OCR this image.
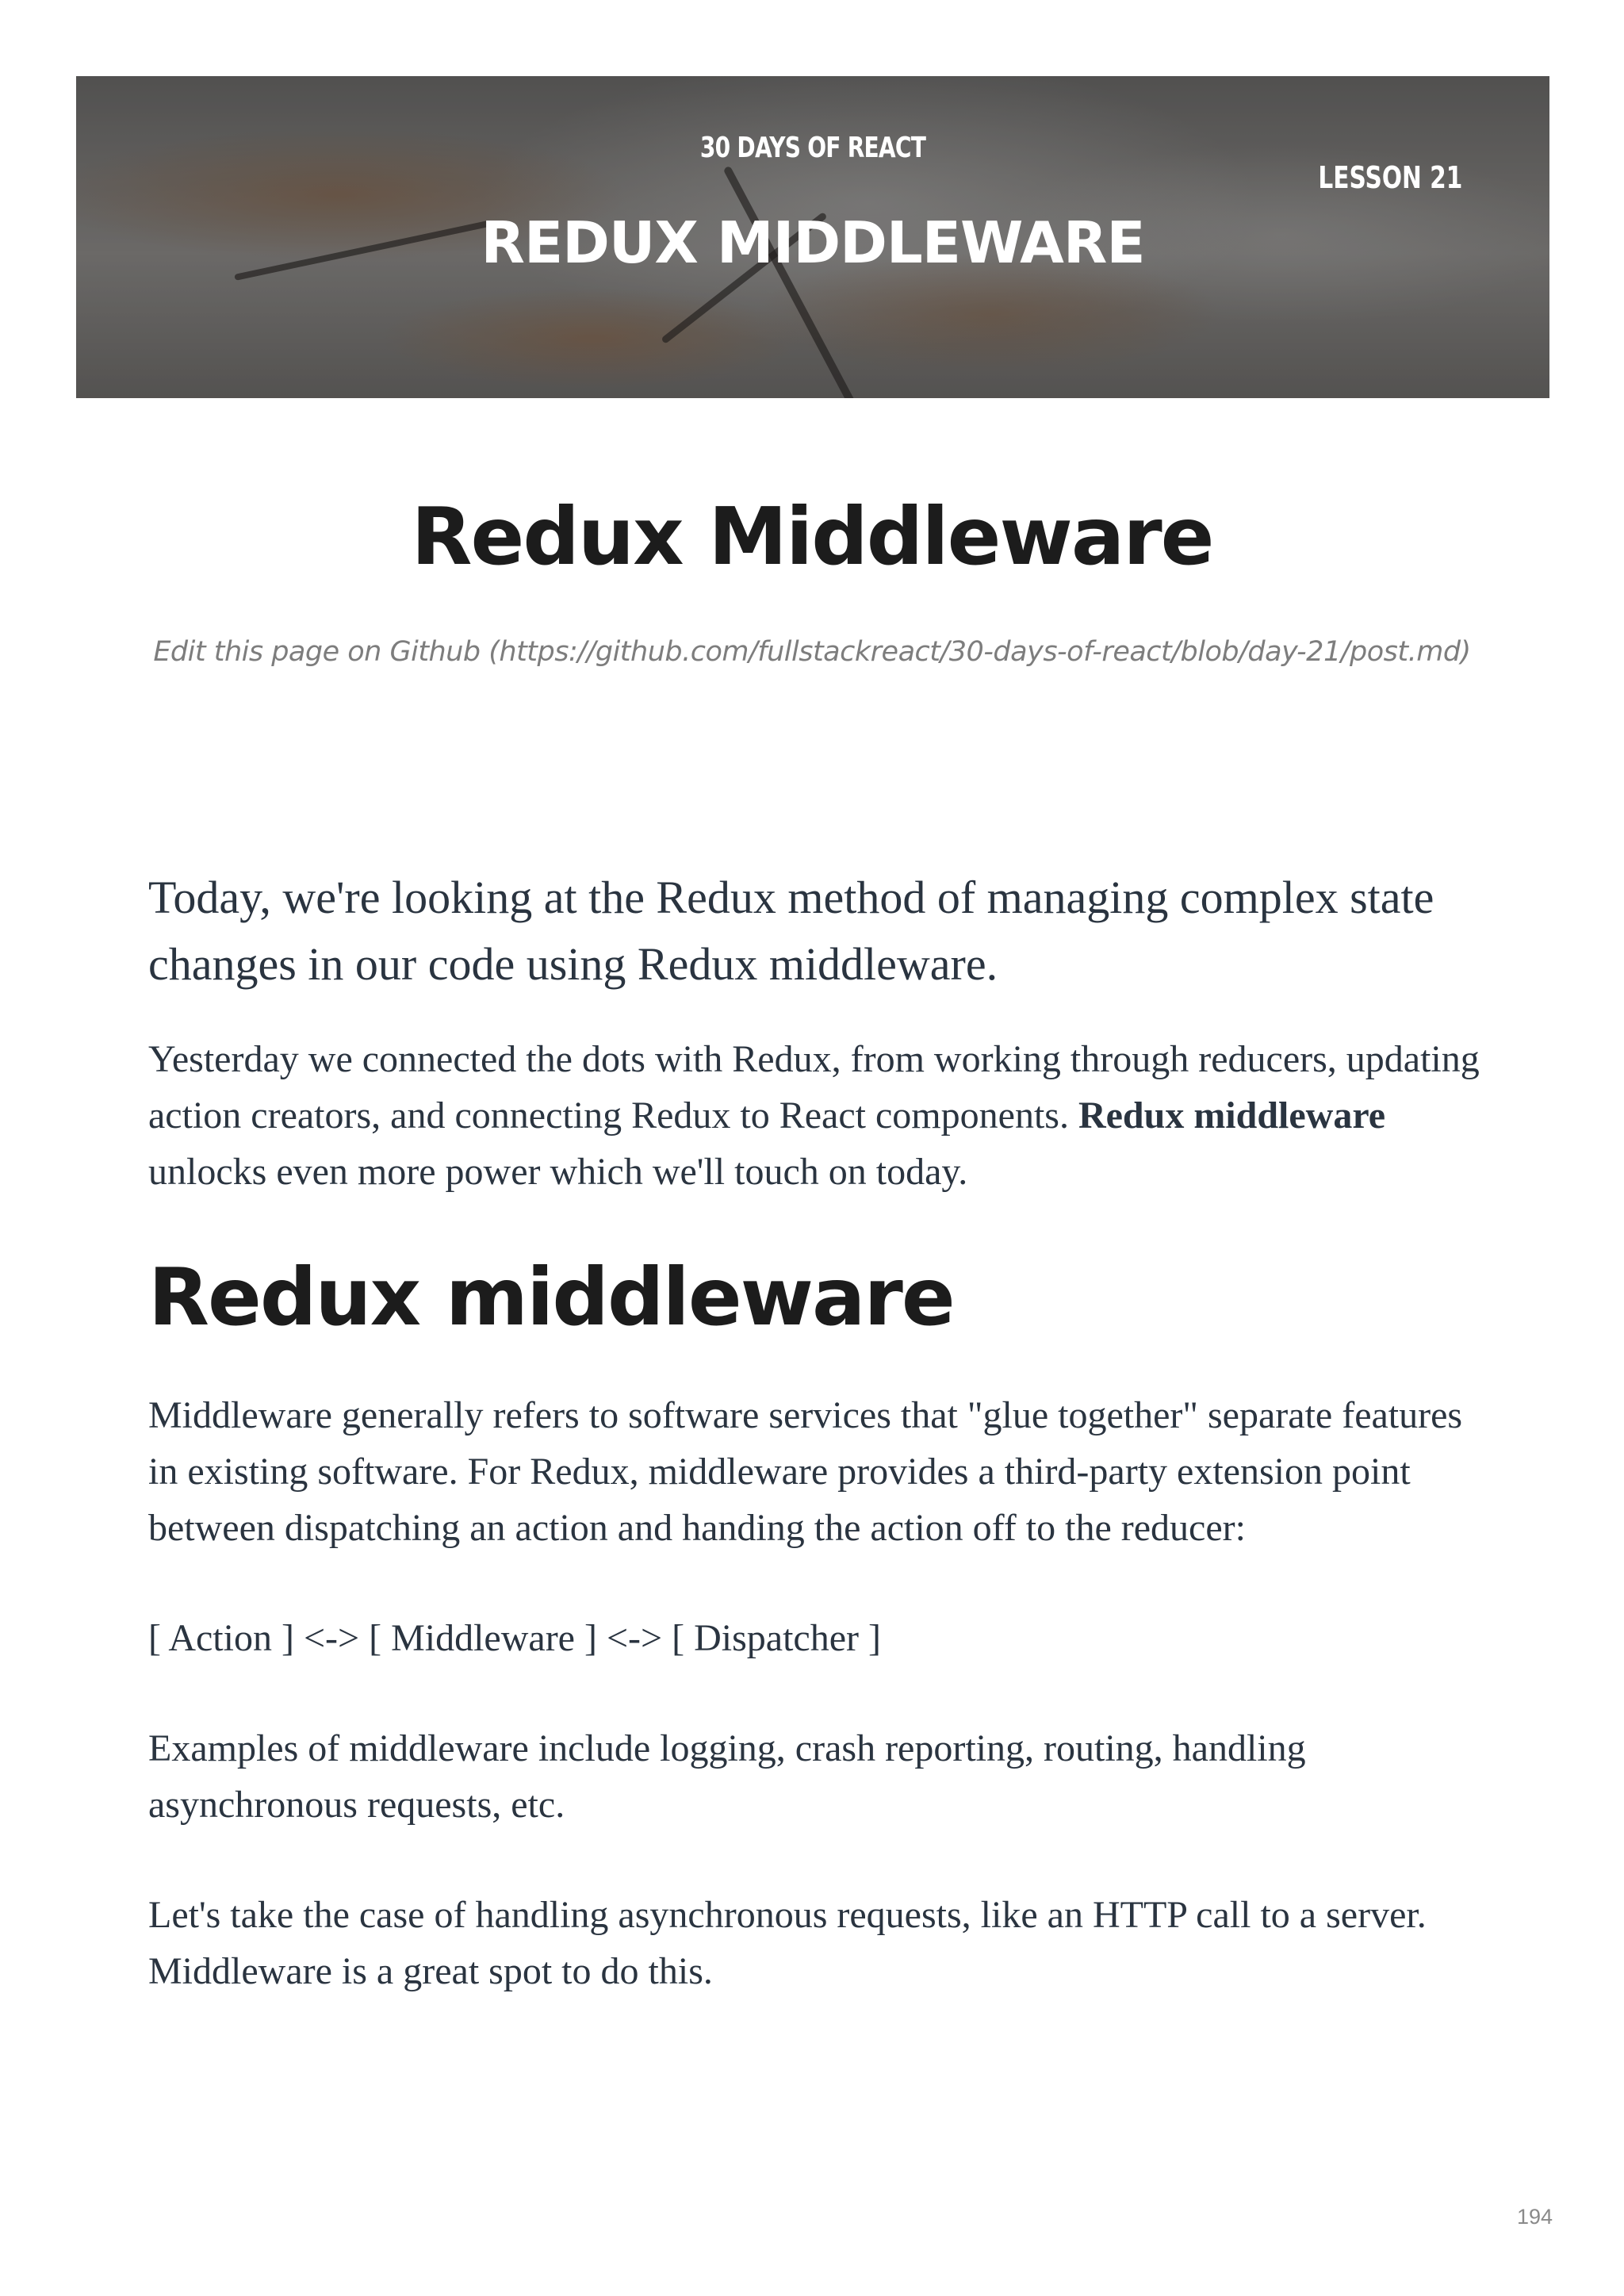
30 DAYS OF REACT
REDUX MIDDLEWARE
LESSON 21
Redux Middleware
Edit this page on Github (https://github.com/fullstackreact/30-days-of-react/blob/day-21/post.md)

Today, we're looking at the Redux method of managing complex state changes in our code using Redux middleware.

Yesterday we connected the dots with Redux, from working through reducers, updating action creators, and connecting Redux to React components. Redux middleware unlocks even more power which we'll touch on today.

Redux middleware

Middleware generally refers to software services that "glue together" separate features in existing software. For Redux, middleware provides a third-party extension point between dispatching an action and handing the action off to the reducer:

[ Action ] <-> [ Middleware ] <-> [ Dispatcher ]

Examples of middleware include logging, crash reporting, routing, handling asynchronous requests, etc.

Let's take the case of handling asynchronous requests, like an HTTP call to a server. Middleware is a great spot to do this.

194
